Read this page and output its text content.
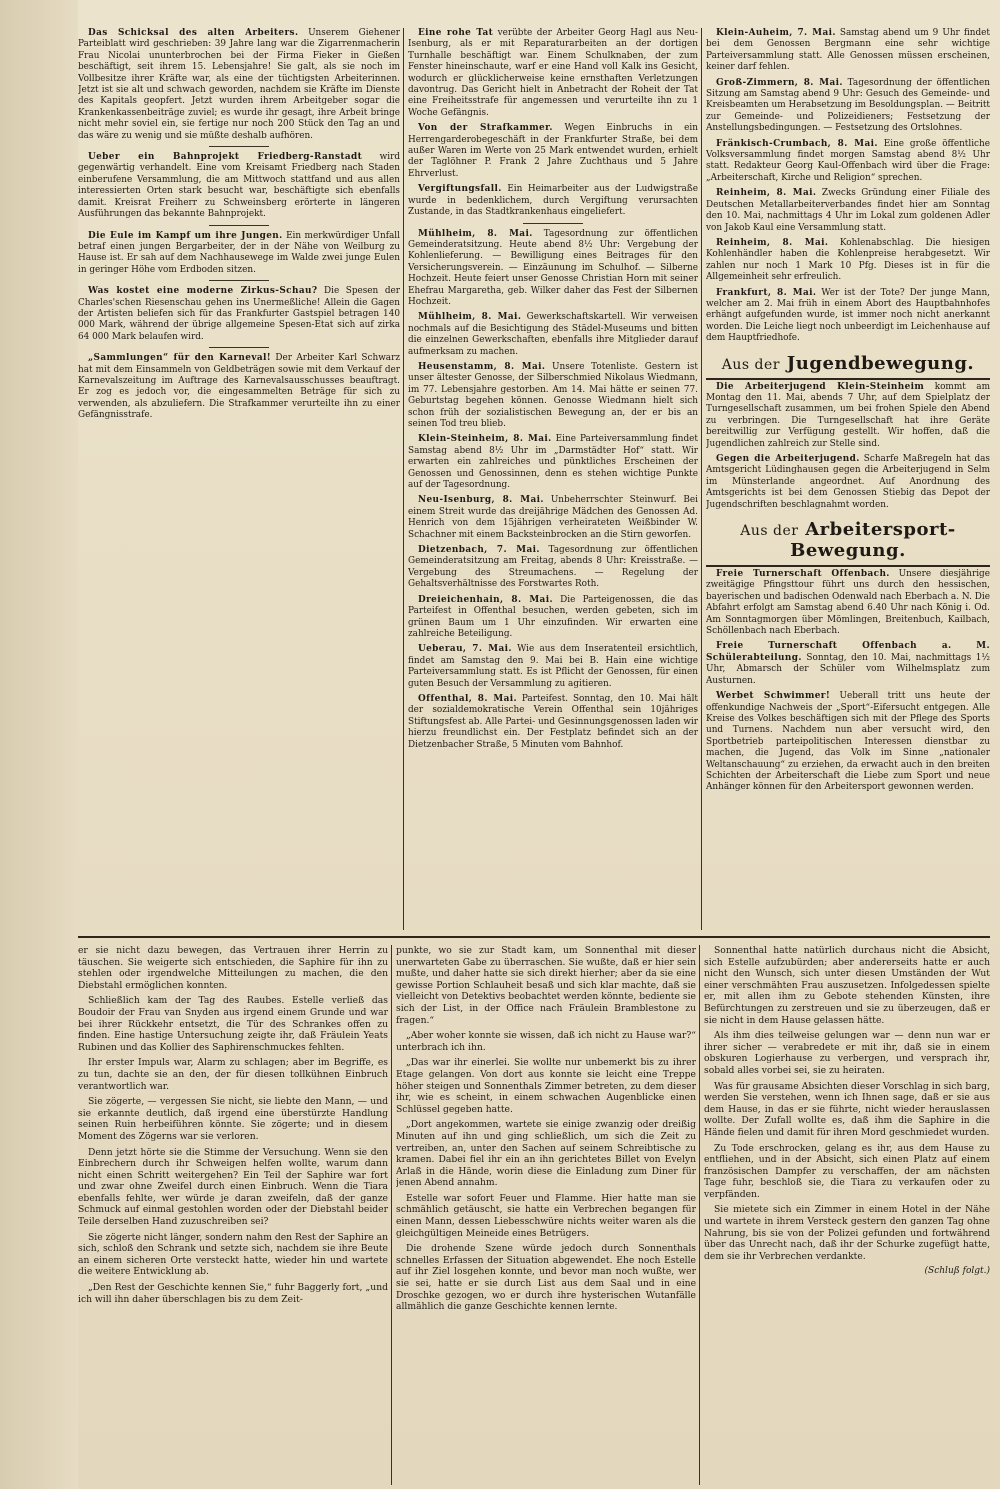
Das Schicksal des alten Arbeiters. Unserem Giehener Parteiblatt wird geschrieben: 39 Jahre lang war die Zigarrenmacherin Frau Nicolai ununterbrochen bei der Firma Fieker in Gießen beschäftigt, seit ihrem 15. Lebensjahre! Sie galt, als sie noch im Vollbesitze ihrer Kräfte war, als eine der tüchtigsten Arbeiterinnen. Jetzt ist sie alt und schwach geworden, nachdem sie Kräfte im Dienste des Kapitals geopfert. Jetzt wurden ihrem Arbeitgeber sogar die Krankenkassenbeiträge zuviel; es wurde ihr gesagt, ihre Arbeit bringe nicht mehr soviel ein, sie fertige nur noch 200 Stück den Tag an und das wäre zu wenig und sie müßte deshalb aufhören.

Ueber ein Bahnprojekt Friedberg-Ranstadt wird gegenwärtig verhandelt. Eine vom Kreisamt Friedberg nach Staden einberufene Versammlung, die am Mittwoch stattfand und aus allen interessierten Orten stark besucht war, beschäftigte sich ebenfalls damit. Kreisrat Freiherr zu Schweinsberg erörterte in längeren Ausführungen das bekannte Bahnprojekt.

Die Eule im Kampf um ihre Jungen. Ein merkwürdiger Unfall betraf einen jungen Bergarbeiter, der in der Nähe von Weilburg zu Hause ist. Er sah auf dem Nachhausewege im Walde zwei junge Eulen in geringer Höhe vom Erdboden sitzen.

Was kostet eine moderne Zirkus-Schau? Die Spesen der Charles'schen Riesenschau gehen ins Unermeßliche! Allein die Gagen der Artisten beliefen sich für das Frankfurter Gastspiel betragen 140 000 Mark, während der übrige allgemeine Spesen-Etat sich auf zirka 64 000 Mark belaufen wird.

„Sammlungen“ für den Karneval! Der Arbeiter Karl Schwarz hat mit dem Einsammeln von Geldbeträgen sowie mit dem Verkauf der Karnevalszeitung im Auftrage des Karnevalsausschusses beauftragt. Er zog es jedoch vor, die eingesammelten Beträge für sich zu verwenden, als abzuliefern. Die Strafkammer verurteilte ihn zu einer Gefängnisstrafe.

Eine rohe Tat verübte der Arbeiter Georg Hagl aus Neu-Isenburg, als er mit Reparaturarbeiten an der dortigen Turnhalle beschäftigt war. Einem Schulknaben, der zum Fenster hineinschaute, warf er eine Hand voll Kalk ins Gesicht, wodurch er glücklicherweise keine ernsthaften Verletzungen davontrug. Das Gericht hielt in Anbetracht der Roheit der Tat eine Freiheitsstrafe für angemessen und verurteilte ihn zu 1 Woche Gefängnis.

Von der Strafkammer. Wegen Einbruchs in ein Herrengarderobegeschäft in der Frankfurter Straße, bei dem außer Waren im Werte von 25 Mark entwendet wurden, erhielt der Taglöhner P. Frank 2 Jahre Zuchthaus und 5 Jahre Ehrverlust.

Vergiftungsfall. Ein Heimarbeiter aus der Ludwigstraße wurde in bedenklichem, durch Vergiftung verursachten Zustande, in das Stadtkrankenhaus eingeliefert.

Mühlheim, 8. Mai. Tagesordnung zur öffentlichen Gemeinderatsitzung. Heute abend 8½ Uhr: Vergebung der Kohlenlieferung. — Bewilligung eines Beitrages für den Versicherungsverein. — Einzäunung im Schulhof. — Silberne Hochzeit. Heute feiert unser Genosse Christian Horn mit seiner Ehefrau Margaretha, geb. Wilker daher das Fest der Silbernen Hochzeit.

Mühlheim, 8. Mai. Gewerkschaftskartell. Wir verweisen nochmals auf die Besichtigung des Städel-Museums und bitten die einzelnen Gewerkschaften, ebenfalls ihre Mitglieder darauf aufmerksam zu machen.

Heusenstamm, 8. Mai. Unsere Totenliste. Gestern ist unser ältester Genosse, der Silberschmied Nikolaus Wiedmann, im 77. Lebensjahre gestorben. Am 14. Mai hätte er seinen 77. Geburtstag begehen können. Genosse Wiedmann hielt sich schon früh der sozialistischen Bewegung an, der er bis an seinen Tod treu blieb.

Klein-Steinheim, 8. Mai. Eine Parteiversammlung findet Samstag abend 8½ Uhr im „Darmstädter Hof“ statt. Wir erwarten ein zahlreiches und pünktliches Erscheinen der Genossen und Genossinnen, denn es stehen wichtige Punkte auf der Tagesordnung.

Neu-Isenburg, 8. Mai. Unbeherrschter Steinwurf. Bei einem Streit wurde das dreijährige Mädchen des Genossen Ad. Henrich von dem 15jährigen verheirateten Weißbinder W. Schachner mit einem Backsteinbrocken an die Stirn geworfen.

Dietzenbach, 7. Mai. Tagesordnung zur öffentlichen Gemeinderatsitzung am Freitag, abends 8 Uhr: Kreisstraße. — Vergebung des Streumachens. — Regelung der Gehaltsverhältnisse des Forstwartes Roth.

Dreieichenhain, 8. Mai. Die Parteigenossen, die das Parteifest in Offenthal besuchen, werden gebeten, sich im grünen Baum um 1 Uhr einzufinden. Wir erwarten eine zahlreiche Beteiligung.

Ueberau, 7. Mai. Wie aus dem Inseratenteil ersichtlich, findet am Samstag den 9. Mai bei B. Hain eine wichtige Parteiversammlung statt. Es ist Pflicht der Genossen, für einen guten Besuch der Versammlung zu agitieren.

Offenthal, 8. Mai. Parteifest. Sonntag, den 10. Mai hält der sozialdemokratische Verein Offenthal sein 10jähriges Stiftungsfest ab. Alle Partei- und Gesinnungsgenossen laden wir hierzu freundlichst ein. Der Festplatz befindet sich an der Dietzenbacher Straße, 5 Minuten vom Bahnhof.

Klein-Auheim, 7. Mai. Samstag abend um 9 Uhr findet bei dem Genossen Bergmann eine sehr wichtige Parteiversammlung statt. Alle Genossen müssen erscheinen, keiner darf fehlen.

Groß-Zimmern, 8. Mai. Tagesordnung der öffentlichen Sitzung am Samstag abend 9 Uhr: Gesuch des Gemeinde- und Kreisbeamten um Herabsetzung im Besoldungsplan. — Beitritt zur Gemeinde- und Polizeidieners; Festsetzung der Anstellungsbedingungen. — Festsetzung des Ortslohnes.

Fränkisch-Crumbach, 8. Mai. Eine große öffentliche Volksversammlung findet morgen Samstag abend 8½ Uhr statt. Redakteur Georg Kaul-Offenbach wird über die Frage: „Arbeiterschaft, Kirche und Religion“ sprechen.

Reinheim, 8. Mai. Zwecks Gründung einer Filiale des Deutschen Metallarbeiterverbandes findet hier am Sonntag den 10. Mai, nachmittags 4 Uhr im Lokal zum goldenen Adler von Jakob Kaul eine Versammlung statt.

Reinheim, 8. Mai. Kohlenabschlag. Die hiesigen Kohlenhändler haben die Kohlenpreise herabgesetzt. Wir zahlen nur noch 1 Mark 10 Pfg. Dieses ist in für die Allgemeinheit sehr erfreulich.

Frankfurt, 8. Mai. Wer ist der Tote? Der junge Mann, welcher am 2. Mai früh in einem Abort des Hauptbahnhofes erhängt aufgefunden wurde, ist immer noch nicht anerkannt worden. Die Leiche liegt noch unbeerdigt im Leichenhause auf dem Hauptfriedhofe.

Aus der Jugendbewegung.

Die Arbeiterjugend Klein-Steinheim kommt am Montag den 11. Mai, abends 7 Uhr, auf dem Spielplatz der Turngesellschaft zusammen, um bei frohen Spiele den Abend zu verbringen. Die Turngesellschaft hat ihre Geräte bereitwillig zur Verfügung gestellt. Wir hoffen, daß die Jugendlichen zahlreich zur Stelle sind.

Gegen die Arbeiterjugend. Scharfe Maßregeln hat das Amtsgericht Lüdinghausen gegen die Arbeiterjugend in Selm im Münsterlande angeordnet. Auf Anordnung des Amtsgerichts ist bei dem Genossen Stiebig das Depot der Jugendschriften beschlagnahmt worden.

Aus der Arbeitersport-Bewegung.

Freie Turnerschaft Offenbach. Unsere diesjährige zweitägige Pfingsttour führt uns durch den hessischen, bayerischen und badischen Odenwald nach Eberbach a. N. Die Abfahrt erfolgt am Samstag abend 6.40 Uhr nach König i. Od. Am Sonntagmorgen über Mömlingen, Breitenbuch, Kailbach, Schöllenbach nach Eberbach.

Freie Turnerschaft Offenbach a. M. Schülerabteilung. Sonntag, den 10. Mai, nachmittags 1½ Uhr, Abmarsch der Schüler vom Wilhelmsplatz zum Austurnen.

Werbet Schwimmer! Ueberall tritt uns heute der offenkundige Nachweis der „Sport“-Eifersucht entgegen. Alle Kreise des Volkes beschäftigen sich mit der Pflege des Sports und Turnens. Nachdem nun aber versucht wird, den Sportbetrieb parteipolitischen Interessen dienstbar zu machen, die Jugend, das Volk im Sinne „nationaler Weltanschauung“ zu erziehen, da erwacht auch in den breiten Schichten der Arbeiterschaft die Liebe zum Sport und neue Anhänger können für den Arbeitersport gewonnen werden.

er sie nicht dazu bewegen, das Vertrauen ihrer Herrin zu täuschen. Sie weigerte sich entschieden, die Saphire für ihn zu stehlen oder irgendwelche Mitteilungen zu machen, die den Diebstahl ermöglichen konnten.

Schließlich kam der Tag des Raubes. Estelle verließ das Boudoir der Frau van Snyden aus irgend einem Grunde und war bei ihrer Rückkehr entsetzt, die Tür des Schrankes offen zu finden. Eine hastige Untersuchung zeigte ihr, daß Fräulein Yeats Rubinen und das Kollier des Saphirenschmuckes fehlten.

Ihr erster Impuls war, Alarm zu schlagen; aber im Begriffe, es zu tun, dachte sie an den, der für diesen tollkühnen Einbruch verantwortlich war.

Sie zögerte, — vergessen Sie nicht, sie liebte den Mann, — und sie erkannte deutlich, daß irgend eine überstürzte Handlung seinen Ruin herbeiführen könnte. Sie zögerte; und in diesem Moment des Zögerns war sie verloren.

Denn jetzt hörte sie die Stimme der Versuchung. Wenn sie den Einbrechern durch ihr Schweigen helfen wollte, warum dann nicht einen Schritt weitergehen? Ein Teil der Saphire war fort und zwar ohne Zweifel durch einen Einbruch. Wenn die Tiara ebenfalls fehlte, wer würde je daran zweifeln, daß der ganze Schmuck auf einmal gestohlen worden oder der Diebstahl beider Teile derselben Hand zuzuschreiben sei?

Sie zögerte nicht länger, sondern nahm den Rest der Saphire an sich, schloß den Schrank und setzte sich, nachdem sie ihre Beute an einem sicheren Orte versteckt hatte, wieder hin und wartete die weitere Entwicklung ab.

„Den Rest der Geschichte kennen Sie,“ fuhr Baggerly fort, „und ich will ihn daher überschlagen bis zu dem Zeit-

punkte, wo sie zur Stadt kam, um Sonnenthal mit dieser unerwarteten Gabe zu überraschen. Sie wußte, daß er hier sein mußte, und daher hatte sie sich direkt hierher; aber da sie eine gewisse Portion Schlauheit besaß und sich klar machte, daß sie vielleicht von Detektivs beobachtet werden könnte, bediente sie sich der List, in der Office nach Fräulein Bramblestone zu fragen.“

„Aber woher konnte sie wissen, daß ich nicht zu Hause war?“ unterbrach ich ihn.

„Das war ihr einerlei. Sie wollte nur unbemerkt bis zu ihrer Etage gelangen. Von dort aus konnte sie leicht eine Treppe höher steigen und Sonnenthals Zimmer betreten, zu dem dieser ihr, wie es scheint, in einem schwachen Augenblicke einen Schlüssel gegeben hatte.

„Dort angekommen, wartete sie einige zwanzig oder dreißig Minuten auf ihn und ging schließlich, um sich die Zeit zu vertreiben, an, unter den Sachen auf seinem Schreibtische zu kramen. Dabei fiel ihr ein an ihn gerichtetes Billet von Evelyn Arlaß in die Hände, worin diese die Einladung zum Diner für jenen Abend annahm.

Estelle war sofort Feuer und Flamme. Hier hatte man sie schmählich getäuscht, sie hatte ein Verbrechen begangen für einen Mann, dessen Liebesschwüre nichts weiter waren als die gleichgültigen Meineide eines Betrügers.

Die drohende Szene würde jedoch durch Sonnenthals schnelles Erfassen der Situation abgewendet. Ehe noch Estelle auf ihr Ziel losgehen konnte, und bevor man noch wußte, wer sie sei, hatte er sie durch List aus dem Saal und in eine Droschke gezogen, wo er durch ihre hysterischen Wutanfälle allmählich die ganze Geschichte kennen lernte.

Sonnenthal hatte natürlich durchaus nicht die Absicht, sich Estelle aufzubürden; aber andererseits hatte er auch nicht den Wunsch, sich unter diesen Umständen der Wut einer verschmähten Frau auszusetzen. Infolgedessen spielte er, mit allen ihm zu Gebote stehenden Künsten, ihre Befürchtungen zu zerstreuen und sie zu überzeugen, daß er sie nicht in dem Hause gelassen hätte.

Als ihm dies teilweise gelungen war — denn nun war er ihrer sicher — verabredete er mit ihr, daß sie in einem obskuren Logierhause zu verbergen, und versprach ihr, sobald alles vorbei sei, sie zu heiraten.

Was für grausame Absichten dieser Vorschlag in sich barg, werden Sie verstehen, wenn ich Ihnen sage, daß er sie aus dem Hause, in das er sie führte, nicht wieder herauslassen wollte. Der Zufall wollte es, daß ihm die Saphire in die Hände fielen und damit für ihren Mord geschmiedet wurden.

Zu Tode erschrocken, gelang es ihr, aus dem Hause zu entfliehen, und in der Absicht, sich einen Platz auf einem französischen Dampfer zu verschaffen, der am nächsten Tage fuhr, beschloß sie, die Tiara zu verkaufen oder zu verpfänden.

Sie mietete sich ein Zimmer in einem Hotel in der Nähe und wartete in ihrem Versteck gestern den ganzen Tag ohne Nahrung, bis sie von der Polizei gefunden und fortwährend über das Unrecht nach, daß ihr der Schurke zugefügt hatte, dem sie ihr Verbrechen verdankte.

(Schluß folgt.)
